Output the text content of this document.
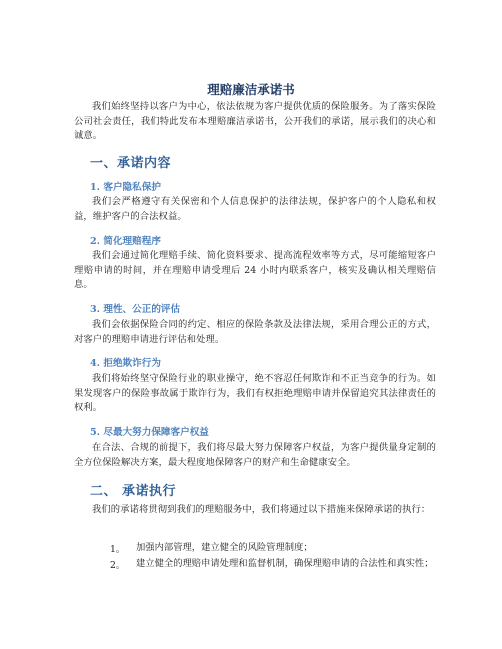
理赔廉洁承诺书

我们始终坚持以客户为中心，依法依规为客户提供优质的保险服务。为了落实保险公司社会责任，我们特此发布本理赔廉洁承诺书，公开我们的承诺，展示我们的决心和诚意。

一、承诺内容
1. 客户隐私保护

我们会严格遵守有关保密和个人信息保护的法律法规，保护客户的个人隐私和权益，维护客户的合法权益。

2. 简化理赔程序

我们会通过简化理赔手续、简化资料要求、提高流程效率等方式，尽可能缩短客户理赔申请的时间，并在理赔申请受理后 24 小时内联系客户，核实及确认相关理赔信息。

3. 理性、公正的评估

我们会依据保险合同的约定、相应的保险条款及法律法规，采用合理公正的方式，对客户的理赔申请进行评估和处理。

4. 拒绝欺诈行为

我们将始终坚守保险行业的职业操守，绝不容忍任何欺诈和不正当竞争的行为。如果发现客户的保险事故属于欺诈行为，我们有权拒绝理赔申请并保留追究其法律责任的权利。

5. 尽最大努力保障客户权益

在合法、合规的前提下，我们将尽最大努力保障客户权益，为客户提供量身定制的全方位保险解决方案，最大程度地保障客户的财产和生命健康安全。

二、 承诺执行

我们的承诺将贯彻到我们的理赔服务中，我们将通过以下措施来保障承诺的执行：

1。 加强内部管理，建立健全的风险管理制度；

2。 建立健全的理赔申请处理和监督机制，确保理赔申请的合法性和真实性；
